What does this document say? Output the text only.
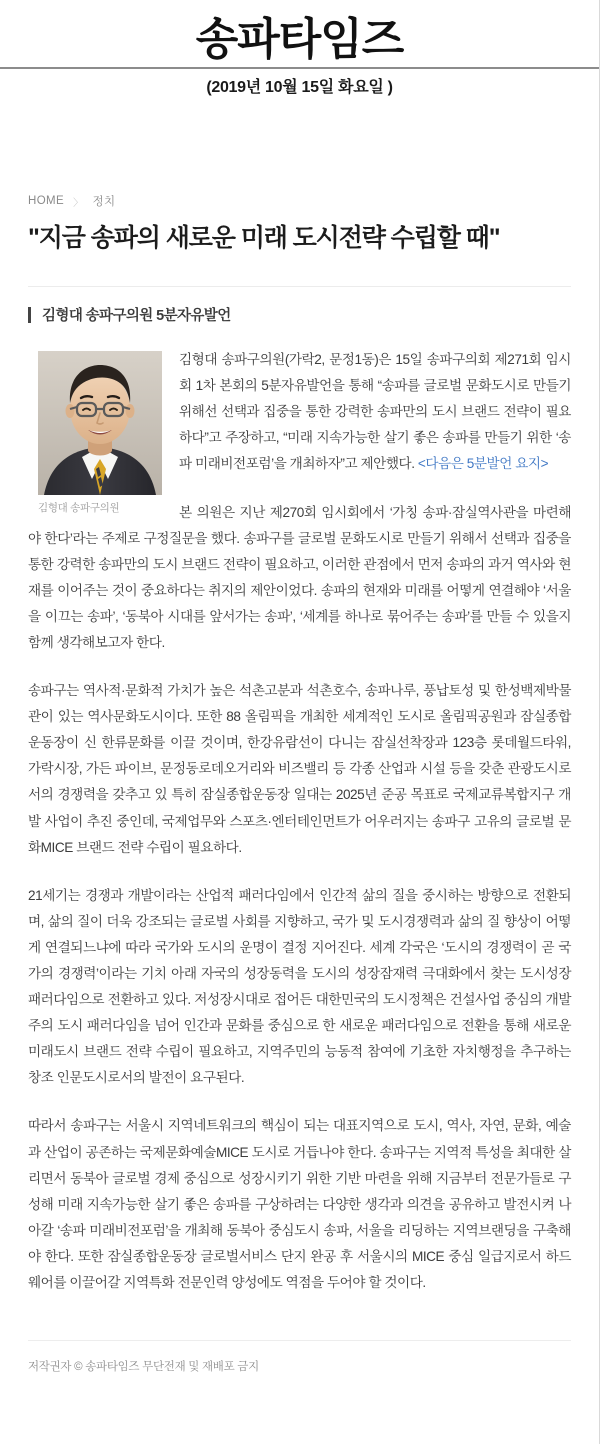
송파타임즈
(2019년 10월 15일 화요일 )
HOME 〉 정치
"지금 송파의 새로운 미래 도시전략 수립할 때"
김형대 송파구의원 5분자유발언
김형대 송파구의원

김형대 송파구의원(가락2, 문정1동)은 15일 송파구의회 제271회 임시회 1차 본회의 5분자유발언을 통해 “송파를 글로벌 문화도시로 만들기 위해선 선택과 집중을 통한 강력한 송파만의 도시 브랜드 전략이 필요하다”고 주장하고, “미래 지속가능한 살기 좋은 송파를 만들기 위한 ‘송파 미래비전포럼’을 개최하자”고 제안했다. <다음은 5분발언 요지>

본 의원은 지난 제270회 임시회에서 ‘가칭 송파·잠실역사관을 마련해야 한다’라는 주제로 구정질문을 했다. 송파구를 글로벌 문화도시로 만들기 위해서 선택과 집중을 통한 강력한 송파만의 도시 브랜드 전략이 필요하고, 이러한 관점에서 먼저 송파의 과거 역사와 현재를 이어주는 것이 중요하다는 취지의 제안이었다. 송파의 현재와 미래를 어떻게 연결해야 ‘서울을 이끄는 송파’, ‘동북아 시대를 앞서가는 송파’, ‘세계를 하나로 묶어주는 송파’를 만들 수 있을지 함께 생각해보고자 한다.

송파구는 역사적·문화적 가치가 높은 석촌고분과 석촌호수, 송파나루, 풍납토성 및 한성백제박물관이 있는 역사문화도시이다. 또한 88 올림픽을 개최한 세계적인 도시로 올림픽공원과 잠실종합운동장이 신 한류문화를 이끌 것이며, 한강유람선이 다니는 잠실선착장과 123층 롯데월드타워, 가락시장, 가든 파이브, 문정동로데오거리와 비즈밸리 등 각종 산업과 시설 등을 갖춘 관광도시로서의 경쟁력을 갖추고 있 특히 잠실종합운동장 일대는 2025년 준공 목표로 국제교류복합지구 개발 사업이 추진 중인데, 국제업무와 스포츠·엔터테인먼트가 어우러지는 송파구 고유의 글로벌 문화MICE 브랜드 전략 수립이 필요하다.

21세기는 경쟁과 개발이라는 산업적 패러다임에서 인간적 삶의 질을 중시하는 방향으로 전환되며, 삶의 질이 더욱 강조되는 글로벌 사회를 지향하고, 국가 및 도시경쟁력과 삶의 질 향상이 어떻게 연결되느냐에 따라 국가와 도시의 운명이 결정 지어진다. 세계 각국은 ‘도시의 경쟁력이 곧 국가의 경쟁력’이라는 기치 아래 자국의 성장동력을 도시의 성장잠재력 극대화에서 찾는 도시성장 패러다임으로 전환하고 있다. 저성장시대로 접어든 대한민국의 도시정책은 건설사업 중심의 개발주의 도시 패러다임을 넘어 인간과 문화를 중심으로 한 새로운 패러다임으로 전환을 통해 새로운 미래도시 브랜드 전략 수립이 필요하고, 지역주민의 능동적 참여에 기초한 자치행정을 추구하는 창조 인문도시로서의 발전이 요구된다.

따라서 송파구는 서울시 지역네트워크의 핵심이 되는 대표지역으로 도시, 역사, 자연, 문화, 예술과 산업이 공존하는 국제문화예술MICE 도시로 거듭나야 한다. 송파구는 지역적 특성을 최대한 살리면서 동북아 글로벌 경제 중심으로 성장시키기 위한 기반 마련을 위해 지금부터 전문가들로 구성해 미래 지속가능한 살기 좋은 송파를 구상하려는 다양한 생각과 의견을 공유하고 발전시켜 나아갈 ‘송파 미래비전포럼’을 개최해 동북아 중심도시 송파, 서울을 리딩하는 지역브랜딩을 구축해야 한다. 또한 잠실종합운동장 글로벌서비스 단지 완공 후 서울시의 MICE 중심 일급지로서 하드웨어를 이끌어갈 지역특화 전문인력 양성에도 역점을 두어야 할 것이다.

저작권자 © 송파타임즈 무단전재 및 재배포 금지
